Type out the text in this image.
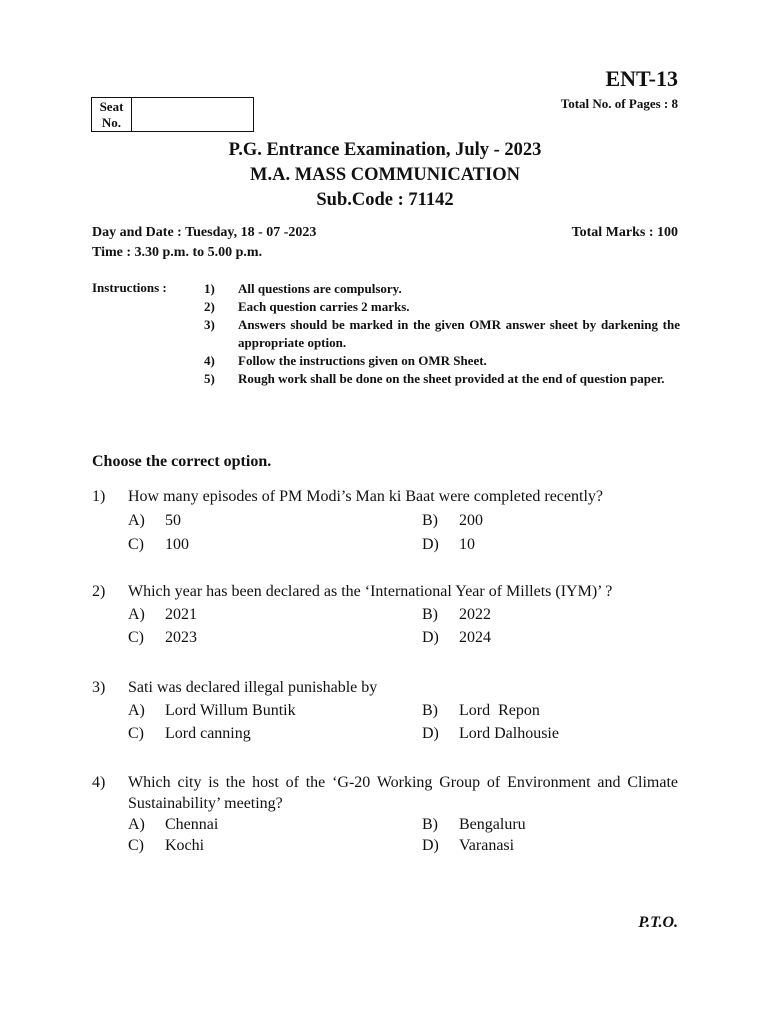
ENT-13
Total No. of Pages : 8
Seat
No.
P.G. Entrance Examination, July - 2023
M.A. MASS COMMUNICATION
Sub.Code : 71142
Day and Date : Tuesday, 18 - 07 -2023
Time : 3.30 p.m. to 5.00 p.m.
Total Marks : 100
Instructions :	1)	All questions are compulsory.
2)	Each question carries 2 marks.
3)	Answers should be marked in the given OMR answer sheet by darkening the appropriate option.
4)	Follow the instructions given on OMR Sheet.
5)	Rough work shall be done on the sheet provided at the end of question paper.
Choose the correct option.
1)	How many episodes of PM Modi’s Man ki Baat were completed recently?
A)	50	B)	200
C)	100	D)	10
2)	Which year has been declared as the ‘International Year of Millets (IYM)’ ?
A)	2021	B)	2022
C)	2023	D)	2024
3)	Sati was declared illegal punishable by
A)	Lord Willum Buntik	B)	Lord  Repon
C)	Lord canning	D)	Lord Dalhousie
4)	Which city is the host of the ‘G-20 Working Group of Environment and Climate Sustainability’ meeting?
A)	Chennai	B)	Bengaluru
C)	Kochi	D)	Varanasi
P.T.O.
